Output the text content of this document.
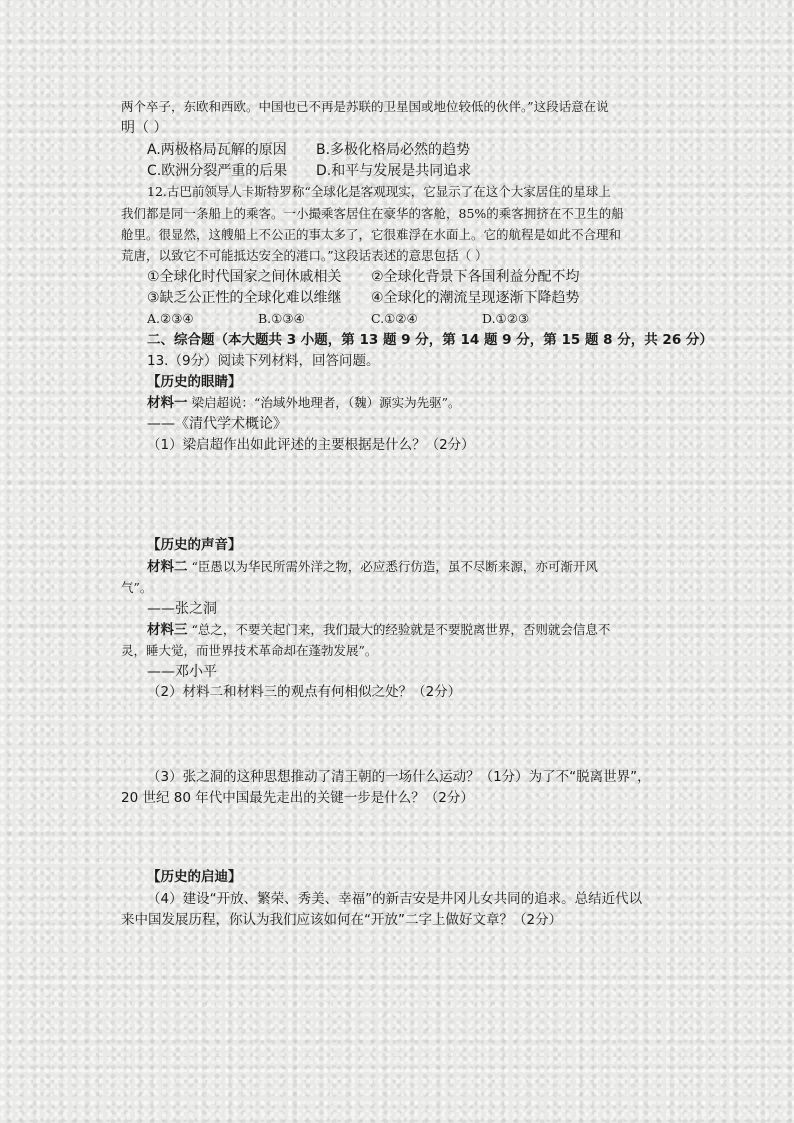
两个卒子，东欧和西欧。中国也已不再是苏联的卫星国或地位较低的伙伴。”这段话意在说
明（ ）
A.两极格局瓦解的原因 B.多极化格局必然的趋势
C.欧洲分裂严重的后果 D.和平与发展是共同追求
12.古巴前领导人卡斯特罗称“全球化是客观现实，它显示了在这个大家居住的星球上
我们都是同一条船上的乘客。一小撮乘客居住在豪华的客舱，85%的乘客拥挤在不卫生的船
舱里。很显然，这艘船上不公正的事太多了，它很难浮在水面上。它的航程是如此不合理和
荒唐，以致它不可能抵达安全的港口。”这段话表述的意思包括（ ）
①全球化时代国家之间休戚相关 ②全球化背景下各国利益分配不均
③缺乏公正性的全球化难以维继 ④全球化的潮流呈现逐渐下降趋势
A.②③④	B.①③④	C.①②④	D.①②③
二、综合题（本大题共 3 小题，第 13 题 9 分，第 14 题 9 分，第 15 题 8 分，共 26 分）
13.（9分）阅读下列材料，回答问题。
【历史的眼睛】
材料一 梁启超说：“治域外地理者，（魏）源实为先驱”。
——《清代学术概论》
（1）梁启超作出如此评述的主要根据是什么？（2分）
【历史的声音】
材料二 “臣愚以为华民所需外洋之物，必应悉行仿造，虽不尽断来源，亦可渐开风
气”。
——张之洞
材料三 “总之，不要关起门来，我们最大的经验就是不要脱离世界，否则就会信息不
灵，睡大觉，而世界技术革命却在蓬勃发展”。
——邓小平
（2）材料二和材料三的观点有何相似之处？（2分）
（3）张之洞的这种思想推动了清王朝的一场什么运动？（1分）为了不“脱离世界”，
20 世纪 80 年代中国最先走出的关键一步是什么？（2分）
【历史的启迪】
（4）建设“开放、繁荣、秀美、幸福”的新吉安是井冈儿女共同的追求。总结近代以
来中国发展历程，你认为我们应该如何在“开放”二字上做好文章？（2分）
